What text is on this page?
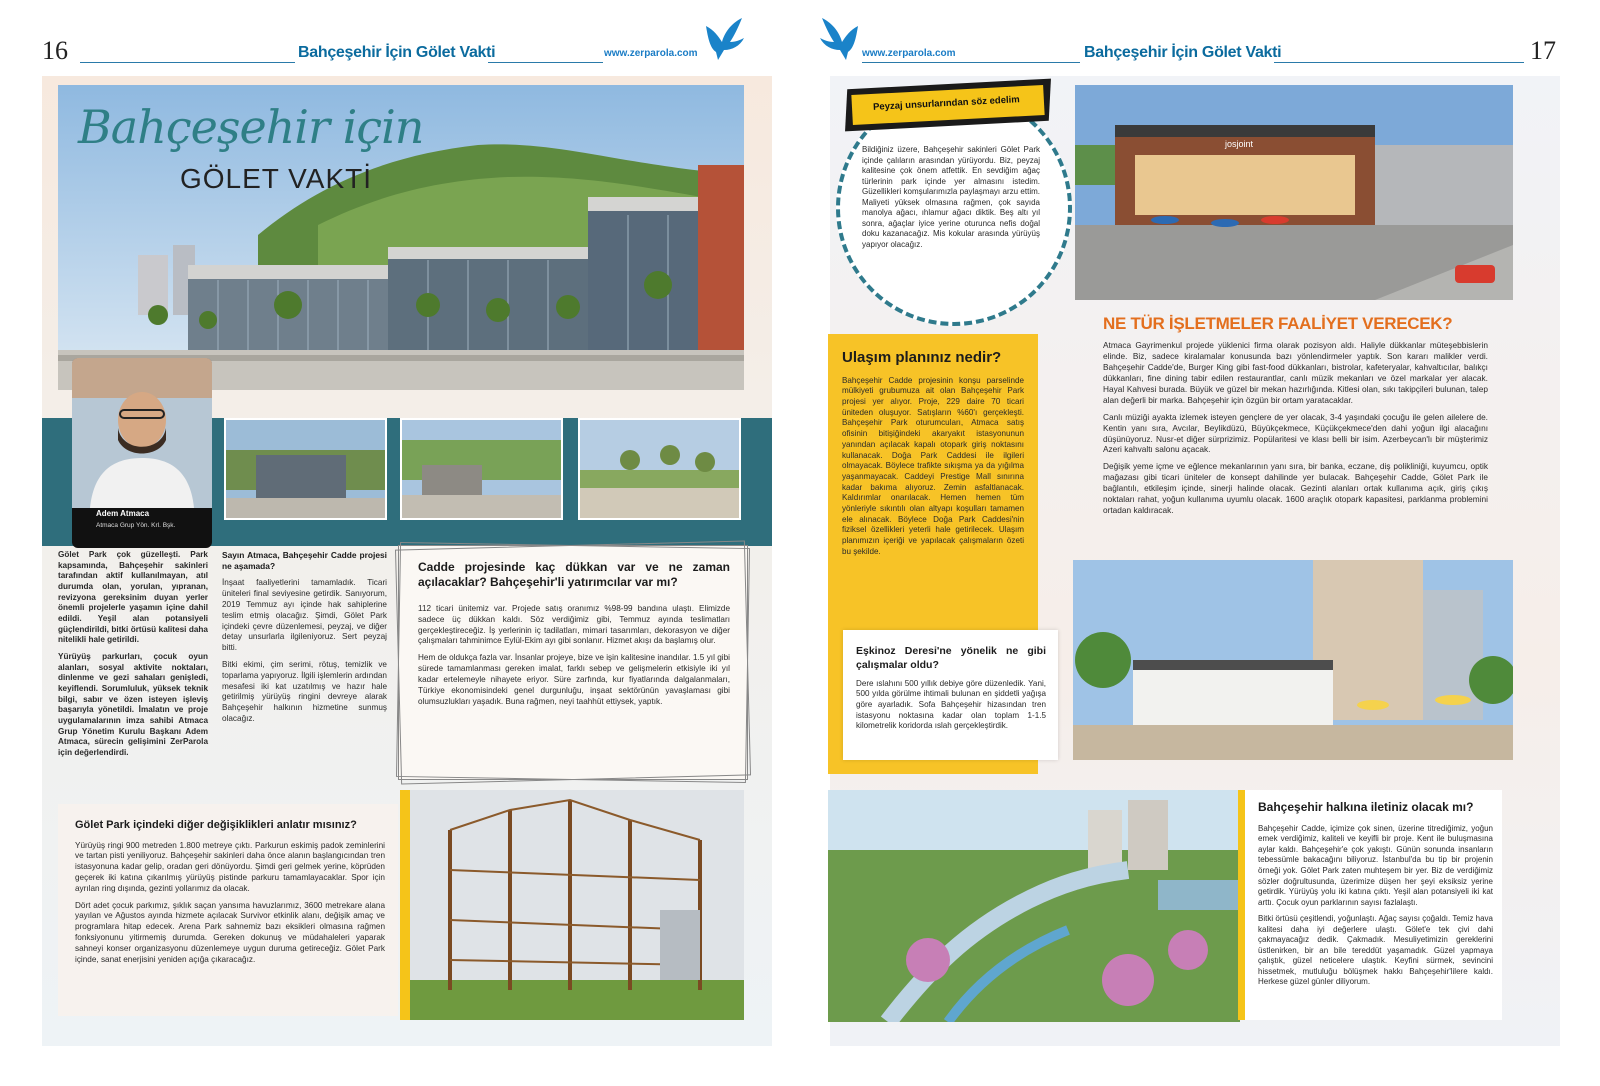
16	Bahçeşehir İçin Gölet Vakti	www.zerparola.com	www.zerparola.com	Bahçeşehir İçin Gölet Vakti	17
Bahçeşehir için
GÖLET VAKTİ
Adem Atmaca
Atmaca Grup Yön. Krl. Bşk.

Gölet Park çok güzelleşti. Park kapsamında, Bahçeşehir sakinleri tarafından aktif kullanılmayan, atıl durumda olan, yorulan, yıpranan, revizyona gereksinim duyan yerler önemli projelerle yaşamın içine dahil edildi. Yeşil alan potansiyeli güçlendirildi, bitki örtüsü kalitesi daha nitelikli hale getirildi.

Yürüyüş parkurları, çocuk oyun alanları, sosyal aktivite noktaları, dinlenme ve gezi sahaları genişledi, keyiflendi. Sorumluluk, yüksek teknik bilgi, sabır ve özen isteyen işleviş başarıyla yönetildi. İmalatın ve proje uygulamalarının imza sahibi Atmaca Grup Yönetim Kurulu Başkanı Adem Atmaca, sürecin gelişimini ZerParola için değerlendirdi.

Sayın Atmaca, Bahçeşehir Cadde projesi ne aşamada?

İnşaat faaliyetlerini tamamladık. Ticari üniteleri final seviyesine getirdik. Sanıyorum, 2019 Temmuz ayı içinde hak sahiplerine teslim etmiş olacağız. Şimdi, Gölet Park içindeki çevre düzenlemesi, peyzaj, ve diğer detay unsurlarla ilgileniyoruz. Sert peyzaj bitti.

Bitki ekimi, çim serimi, rötuş, temizlik ve toparlama yapıyoruz. İlgili işlemlerin ardından mesafesi iki kat uzatılmış ve hazır hale getirilmiş yürüyüş ringini devreye alarak Bahçeşehir halkının hizmetine sunmuş olacağız.

Cadde projesinde kaç dükkan var ve ne zaman açılacaklar? Bahçeşehir'li yatırımcılar var mı?

112 ticari ünitemiz var. Projede satış oranımız %98-99 bandına ulaştı. Elimizde sadece üç dükkan kaldı. Söz verdiğimiz gibi, Temmuz ayında teslimatları gerçekleştireceğiz. İş yerlerinin iç tadilatları, mimari tasarımları, dekorasyon ve diğer çalışmaları tahminimce Eylül-Ekim ayı gibi sonlanır. Hizmet akışı da başlamış olur.

Hem de oldukça fazla var. İnsanlar projeye, bize ve işin kalitesine inandılar. 1.5 yıl gibi sürede tamamlanması gereken imalat, farklı sebep ve gelişmelerin etkisiyle iki yıl kadar ertelemeyle nihayete eriyor. Süre zarfında, kur fiyatlarında dalgalanmaları, Türkiye ekonomisindeki genel durgunluğu, inşaat sektörünün yavaşlaması gibi olumsuzlukları yaşadık. Buna rağmen, neyi taahhüt ettiysek, yaptık.

Gölet Park içindeki diğer değişiklikleri anlatır mısınız?

Yürüyüş ringi 900 metreden 1.800 metreye çıktı. Parkurun eskimiş padok zeminlerini ve tartan pisti yeniliyoruz. Bahçeşehir sakinleri daha önce alanın başlangıcından tren istasyonuna kadar gelip, oradan geri dönüyordu. Şimdi geri gelmek yerine, köprüden geçerek iki katına çıkarılmış yürüyüş pistinde parkuru tamamlayacaklar. Spor için ayrılan ring dışında, gezinti yollarımız da olacak.

Dört adet çocuk parkımız, şıklık saçan yansıma havuzlarımız, 3600 metrekare alana yayılan ve Ağustos ayında hizmete açılacak Survivor etkinlik alanı, değişik amaç ve programlara hitap edecek. Arena Park sahnemiz bazı eksikleri olmasına rağmen fonksiyonunu yitirmemiş durumda. Gereken dokunuş ve müdahaleleri yaparak sahneyi konser organizasyonu düzenlemeye uygun duruma getireceğiz. Gölet Park içinde, sanat enerjisini yeniden açığa çıkaracağız.

Peyzaj unsurlarından söz edelim

Bildiğiniz üzere, Bahçeşehir sakinleri Gölet Park içinde çalıların arasından yürüyordu. Biz, peyzaj kalitesine çok önem atfettik. En sevdiğim ağaç türlerinin park içinde yer almasını istedim. Güzellikleri komşularımızla paylaşmayı arzu ettim. Maliyeti yüksek olmasına rağmen, çok sayıda manolya ağacı, ıhlamur ağacı diktik. Beş altı yıl sonra, ağaçlar iyice yerine oturunca nefis doğal doku kazanacağız. Mis kokular arasında yürüyüş yapıyor olacağız.

josjoint

Ulaşım planınız nedir?

Bahçeşehir Cadde projesinin konşu parselinde mülkiyeti grubumuza ait olan Bahçeşehir Park projesi yer alıyor. Proje, 229 daire 70 ticari üniteden oluşuyor. Satışların %60'ı gerçekleşti. Bahçeşehir Park oturumcuları, Atmaca satış ofisinin bitişiğindeki akaryakıt istasyonunun yanından açılacak kapalı otopark giriş noktasını kullanacak. Doğa Park Caddesi ile ilgileri olmayacak. Böylece trafikte sıkışma ya da yığılma yaşanmayacak. Caddeyi Prestige Mall sınırına kadar bakıma alıyoruz. Zemin asfaltlanacak. Kaldırımlar onarılacak. Hemen hemen tüm yönleriyle sıkıntılı olan altyapı koşulları tamamen ele alınacak. Böylece Doğa Park Caddesi'nin fiziksel özellikleri yeterli hale getirilecek. Ulaşım planımızın içeriği ve yapılacak çalışmaların özeti bu şekilde.

Eşkinoz Deresi'ne yönelik ne gibi çalışmalar oldu?

Dere ıslahını 500 yıllık debiye göre düzenledik. Yani, 500 yılda görülme ihtimali bulunan en şiddetli yağışa göre ayarladık. Sofa Bahçeşehir hizasından tren istasyonu noktasına kadar olan toplam 1-1.5 kilometrelik koridorda ıslah gerçekleştirdik.

NE TÜR İŞLETMELER FAALİYET VERECEK?

Atmaca Gayrimenkul projede yüklenici firma olarak pozisyon aldı. Haliyle dükkanlar müteşebbislerin elinde. Biz, sadece kiralamalar konusunda bazı yönlendirmeler yaptık. Son kararı malikler verdi. Bahçeşehir Cadde'de, Burger King gibi fast-food dükkanları, bistrolar, kafeteryalar, kahvaltıcılar, balıkçı dükkanları, fine dining tabir edilen restaurantlar, canlı müzik mekanları ve özel markalar yer alacak. Hayal Kahvesi burada. Büyük ve güzel bir mekan hazırlığında. Kitlesi olan, sıkı takipçileri bulunan, talep alan değerli bir marka. Bahçeşehir için özgün bir ortam yaratacaklar.

Canlı müziği ayakta izlemek isteyen gençlere de yer olacak, 3-4 yaşındaki çocuğu ile gelen ailelere de. Kentin yanı sıra, Avcılar, Beylikdüzü, Büyükçekmece, Küçükçekmece'den dahi yoğun ilgi alacağını düşünüyoruz. Nusr-et diğer sürprizimiz. Popülaritesi ve klası belli bir isim. Azerbeycan'lı bir müşterimiz Azeri kahvaltı salonu açacak.

Değişik yeme içme ve eğlence mekanlarının yanı sıra, bir banka, eczane, diş polikliniği, kuyumcu, optik mağazası gibi ticari üniteler de konsept dahilinde yer bulacak. Bahçeşehir Cadde, Gölet Park ile bağlantılı, etkileşim içinde, sinerji halinde olacak. Gezinti alanları ortak kullanıma açık, giriş çıkış noktaları rahat, yoğun kullanıma uyumlu olacak. 1600 araçlık otopark kapasitesi, parklanma problemini ortadan kaldıracak.

Bahçeşehir halkına iletiniz olacak mı?

Bahçeşehir Cadde, içimize çok sinen, üzerine titrediğimiz, yoğun emek verdiğimiz, kaliteli ve keyifli bir proje. Kent ile buluşmasına aylar kaldı. Bahçeşehir'e çok yakıştı. Günün sonunda insanların tebessümle bakacağını biliyoruz. İstanbul'da bu tip bir projenin örneği yok. Gölet Park zaten muhteşem bir yer. Biz de verdiğimiz sözler doğrultusunda, üzerimize düşen her şeyi eksiksiz yerine getirdik. Yürüyüş yolu iki katına çıktı. Yeşil alan potansiyeli iki kat arttı. Çocuk oyun parklarının sayısı fazlalaştı.

Bitki örtüsü çeşitlendi, yoğunlaştı. Ağaç sayısı çoğaldı. Temiz hava kalitesi daha iyi değerlere ulaştı. Gölet'e tek çivi dahi çakmayacağız dedik. Çakmadık. Mesuliyetimizin gereklerini üstlenirken, bir an bile tereddüt yaşamadık. Güzel yapmaya çalıştık, güzel neticelere ulaştık. Keyfini sürmek, sevincini hissetmek, mutluluğu bölüşmek hakkı Bahçeşehir'lilere kaldı. Herkese güzel günler diliyorum.
